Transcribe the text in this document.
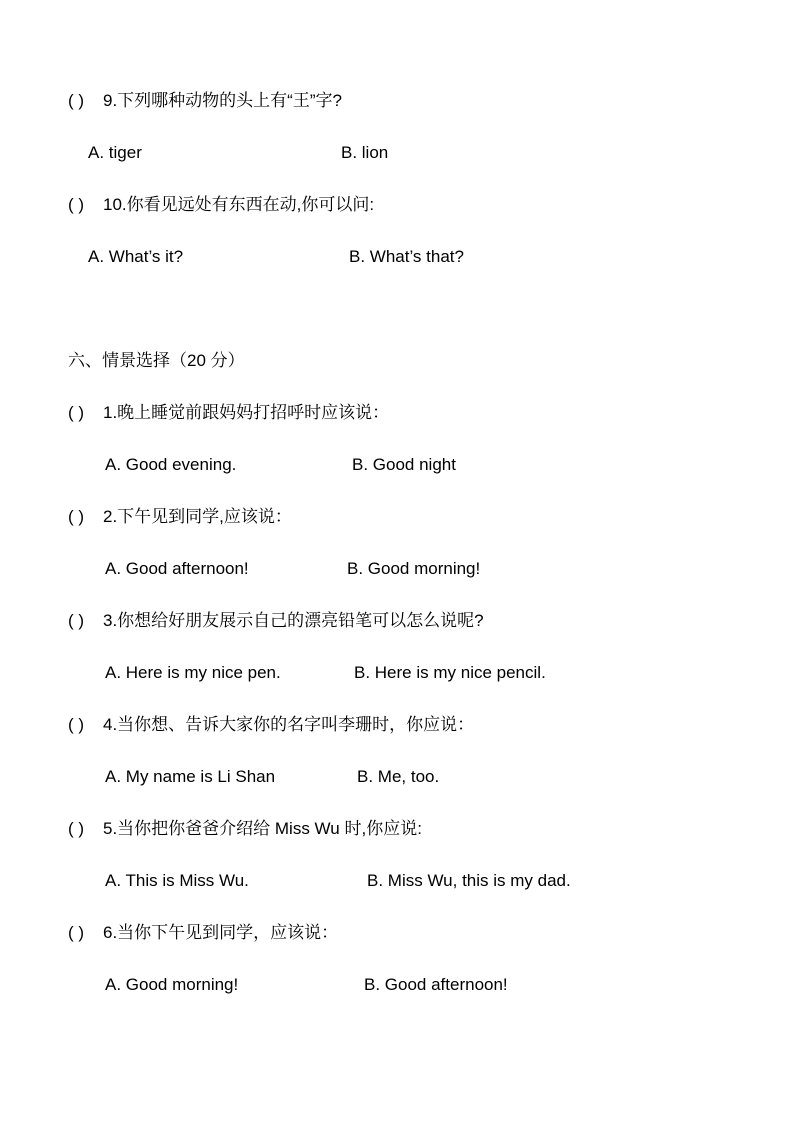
( ) 9.下列哪种动物的头上有“王”字?
A. tiger	B. lion
( ) 10.你看见远处有东西在动,你可以问:
A. What’s it?	B. What’s that?
六、情景选择（20 分）
( ) 1.晚上睡觉前跟妈妈打招呼时应该说：
A. Good evening.	B. Good night
( ) 2.下午见到同学,应该说：
A. Good afternoon!	B. Good morning!
( ) 3.你想给好朋友展示自己的漂亮铅笔可以怎么说呢?
A. Here is my nice pen.	B. Here is my nice pencil.
( ) 4.当你想、告诉大家你的名字叫李珊时，你应说：
A. My name is Li Shan	B. Me, too.
( ) 5.当你把你爸爸介绍给 Miss Wu 时,你应说:
A. This is Miss Wu.	B. Miss Wu, this is my dad.
( ) 6.当你下午见到同学，应该说：
A. Good morning!	B. Good afternoon!
